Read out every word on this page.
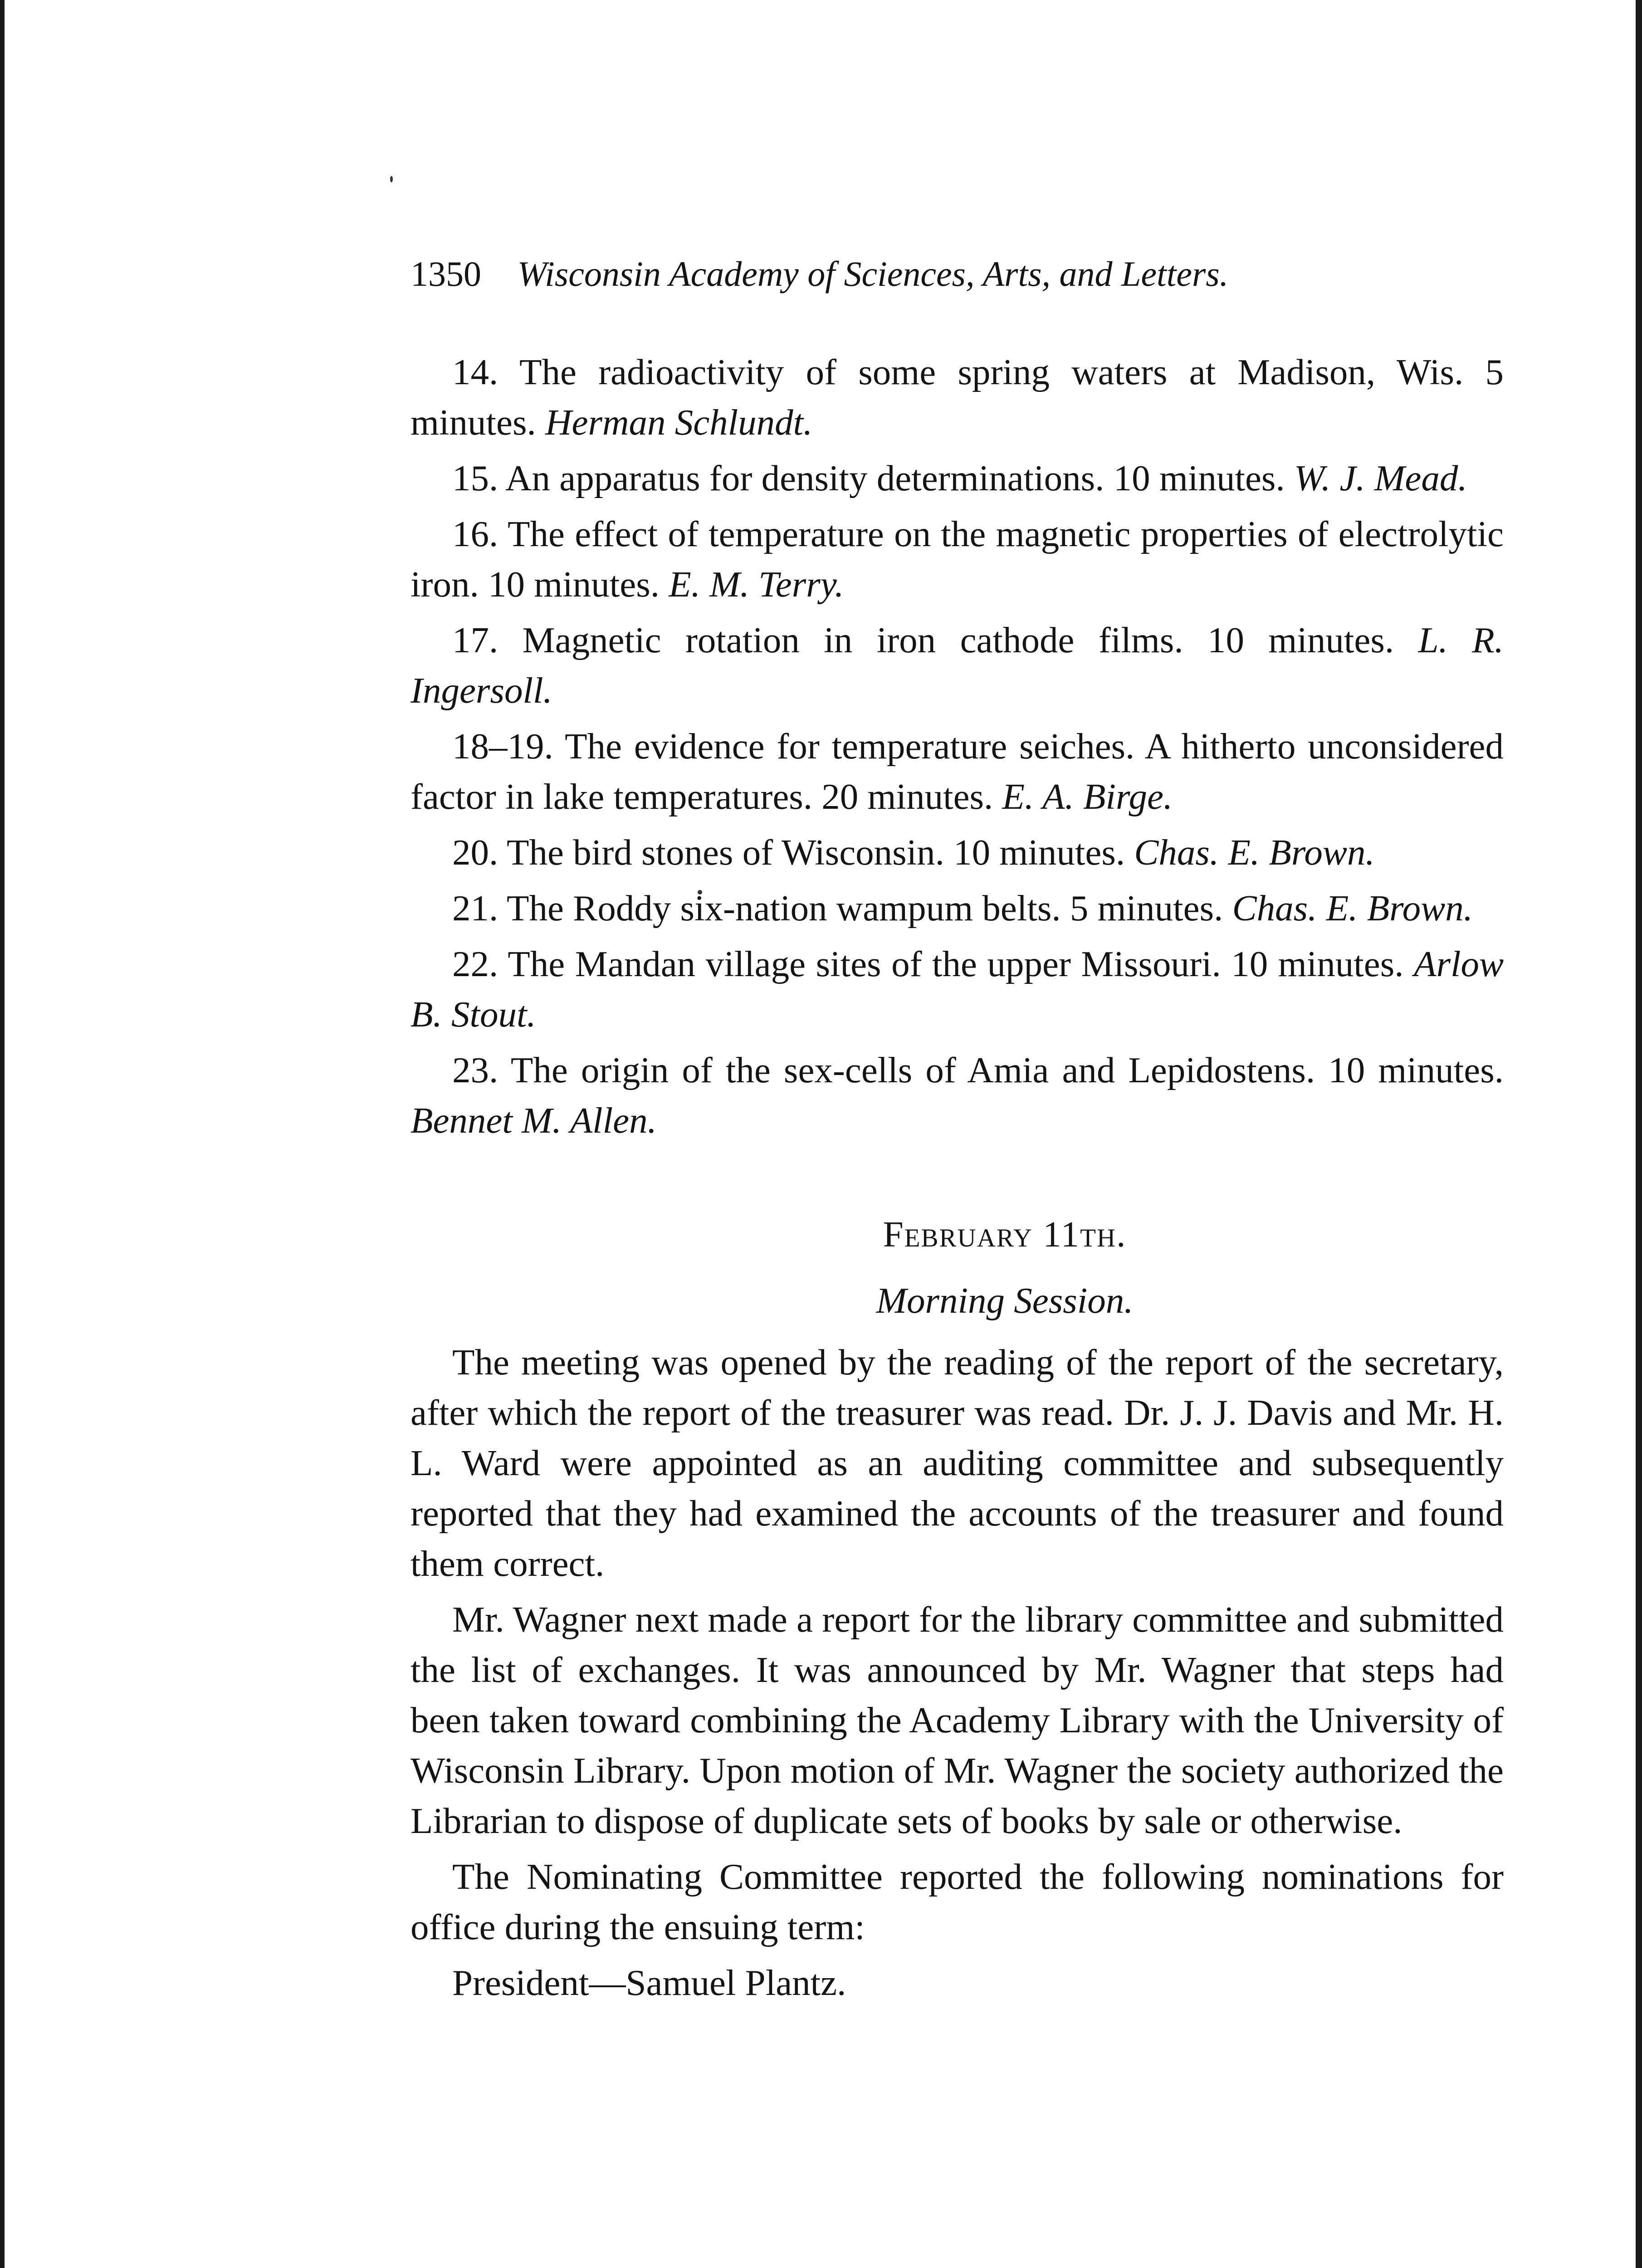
1350 Wisconsin Academy of Sciences, Arts, and Letters.

14. The radioactivity of some spring waters at Madison, Wis. 5 minutes. Herman Schlundt.

15. An apparatus for density determinations. 10 minutes. W. J. Mead.

16. The effect of temperature on the magnetic properties of electrolytic iron. 10 minutes. E. M. Terry.

17. Magnetic rotation in iron cathode films. 10 minutes. L. R. Ingersoll.

18–19. The evidence for temperature seiches. A hitherto unconsidered factor in lake temperatures. 20 minutes. E. A. Birge.

20. The bird stones of Wisconsin. 10 minutes. Chas. E. Brown.

21. The Roddy six-nation wampum belts. 5 minutes. Chas. E. Brown.

22. The Mandan village sites of the upper Missouri. 10 minutes. Arlow B. Stout.

23. The origin of the sex-cells of Amia and Lepidostens. 10 minutes. Bennet M. Allen.

February 11th.
Morning Session.

The meeting was opened by the reading of the report of the secretary, after which the report of the treasurer was read. Dr. J. J. Davis and Mr. H. L. Ward were appointed as an auditing committee and subsequently reported that they had examined the accounts of the treasurer and found them correct.

Mr. Wagner next made a report for the library committee and submitted the list of exchanges. It was announced by Mr. Wagner that steps had been taken toward combining the Academy Library with the University of Wisconsin Library. Upon motion of Mr. Wagner the society authorized the Librarian to dispose of duplicate sets of books by sale or otherwise.

The Nominating Committee reported the following nominations for office during the ensuing term:

President—Samuel Plantz.
